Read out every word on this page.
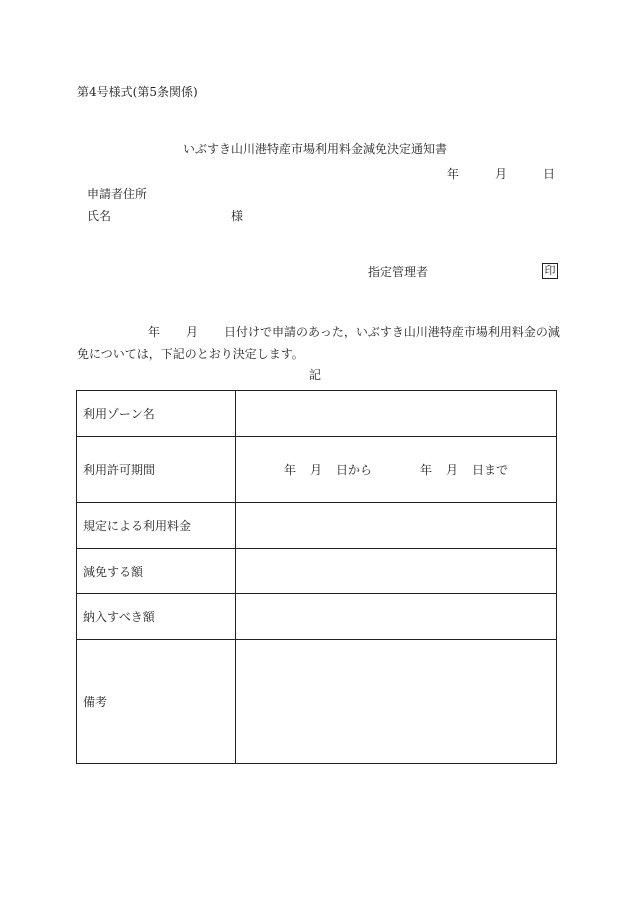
第4号様式(第5条関係)
いぶすき山川港特産市場利用料金減免決定通知書
年	月	日
申請者住所
氏名	様
指定管理者	印
年 月 日付けで申請のあった，いぶすき山川港特産市場利用料金の減
免については，下記のとおり決定します。
記
利用ゾーン名	
利用許可期間	年 月 日から 年 月 日まで

規定による利用料金	
減免する額	
納入すべき額	
備考	
